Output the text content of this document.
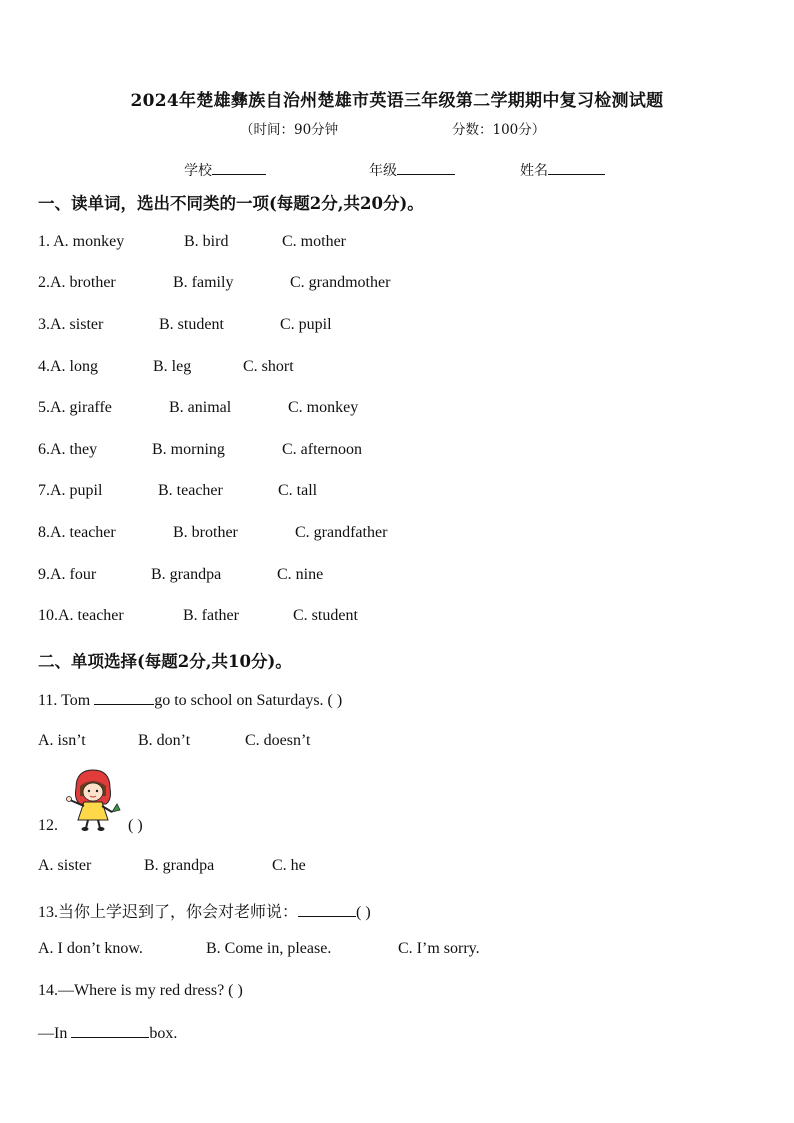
2024年楚雄彝族自治州楚雄市英语三年级第二学期期中复习检测试题
（时间：90分钟	分数：100分）
学校	年级	姓名
一、读单词，选出不同类的一项(每题2分,共20分)。
1. A. monkey	B. bird	C. mother
2.A. brother	B. family	C. grandmother
3.A. sister	B. student	C. pupil
4.A. long	B. leg	C. short
5.A. giraffe	B. animal	C. monkey
6.A. they	B. morning	C. afternoon
7.A. pupil	B. teacher	C. tall
8.A. teacher	B. brother	C. grandfather
9.A. four	B. grandpa	C. nine
10.A. teacher	B. father	C. student
二、单项选择(每题2分,共10分)。
11. Tom	go to school on Saturdays. ( )
A. isn’t	B. don’t	C. doesn’t
12.	( )
A. sister	B. grandpa	C. he
13.当你上学迟到了，你会对老师说：	( )
A. I don’t know.	B. Come in, please.	C. I’m sorry.
14.—Where is my red dress? ( )
—In	box.
